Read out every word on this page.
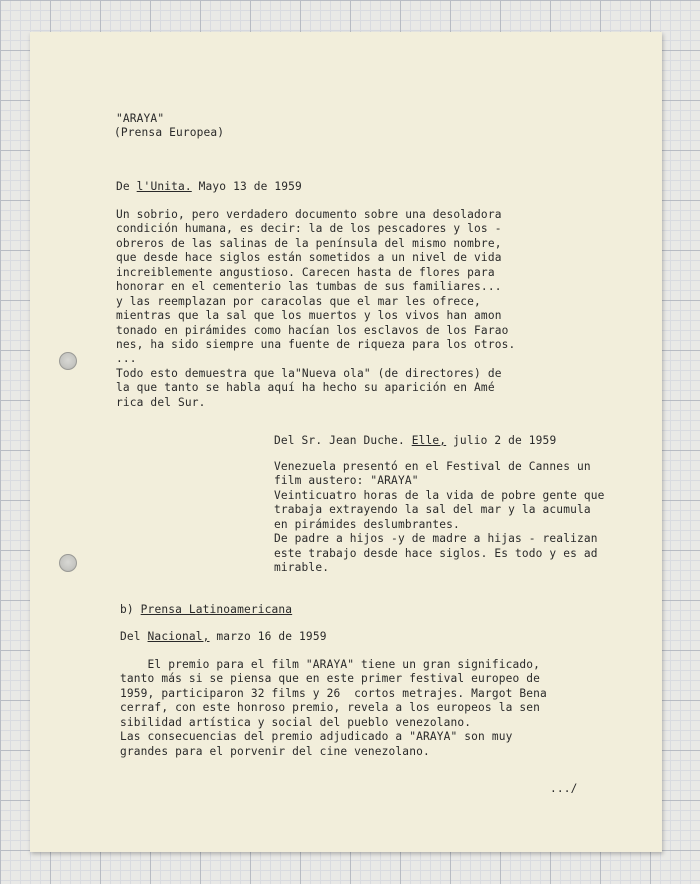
"ARAYA"
(Prensa Europea)
De l'Unita. Mayo 13 de 1959
Un sobrio, pero verdadero documento sobre una desoladora
condición humana, es decir: la de los pescadores y los -
obreros de las salinas de la península del mismo nombre,
que desde hace siglos están sometidos a un nivel de vida
increiblemente angustioso. Carecen hasta de flores para
honorar en el cementerio las tumbas de sus familiares...
y las reemplazan por caracolas que el mar les ofrece,
mientras que la sal que los muertos y los vivos han amon
tonado en pirámides como hacían los esclavos de los Farao
nes, ha sido siempre una fuente de riqueza para los otros.
...
Todo esto demuestra que la"Nueva ola" (de directores) de
la que tanto se habla aquí ha hecho su aparición en Amé
rica del Sur.
Del Sr. Jean Duche. Elle, julio 2 de 1959
Venezuela presentó en el Festival de Cannes un
film austero: "ARAYA"
Veinticuatro horas de la vida de pobre gente que
trabaja extrayendo la sal del mar y la acumula
en pirámides deslumbrantes.
De padre a hijos -y de madre a hijas - realizan
este trabajo desde hace siglos. Es todo y es ad
mirable.
b) Prensa Latinoamericana
Del Nacional, marzo 16 de 1959
El premio para el film "ARAYA" tiene un gran significado,
tanto más si se piensa que en este primer festival europeo de
1959, participaron 32 films y 26  cortos metrajes. Margot Bena
cerraf, con este honroso premio, revela a los europeos la sen
sibilidad artística y social del pueblo venezolano.
Las consecuencias del premio adjudicado a "ARAYA" son muy
grandes para el porvenir del cine venezolano.
.../
